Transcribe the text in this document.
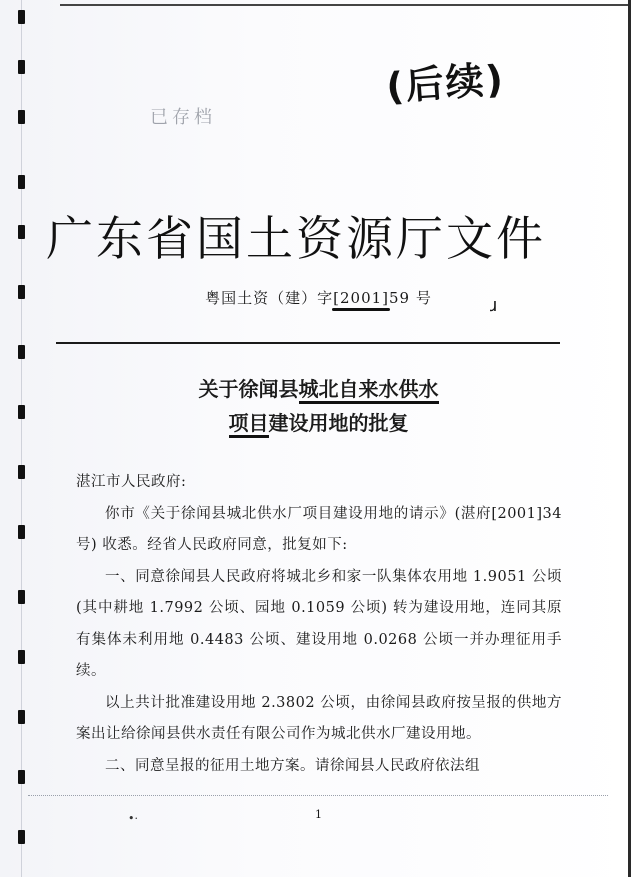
已存档
(后续)
广东省国土资源厅文件
粤国土资（建）字[2001]59 号	ɹ
关于徐闻县城北自来水供水
项目建设用地的批复

湛江市人民政府:

你市《关于徐闻县城北供水厂项目建设用地的请示》(湛府[2001]34 号) 收悉。经省人民政府同意，批复如下:

一、同意徐闻县人民政府将城北乡和家一队集体农用地 1.9051 公顷 (其中耕地 1.7992 公顷、园地 0.1059 公顷) 转为建设用地，连同其原有集体未利用地 0.4483 公顷、建设用地 0.0268 公顷一并办理征用手续。

以上共计批准建设用地 2.3802 公顷，由徐闻县政府按呈报的供地方案出让给徐闻县供水责任有限公司作为城北供水厂建设用地。

二、同意呈报的征用土地方案。请徐闻县人民政府依法组

•·	1
